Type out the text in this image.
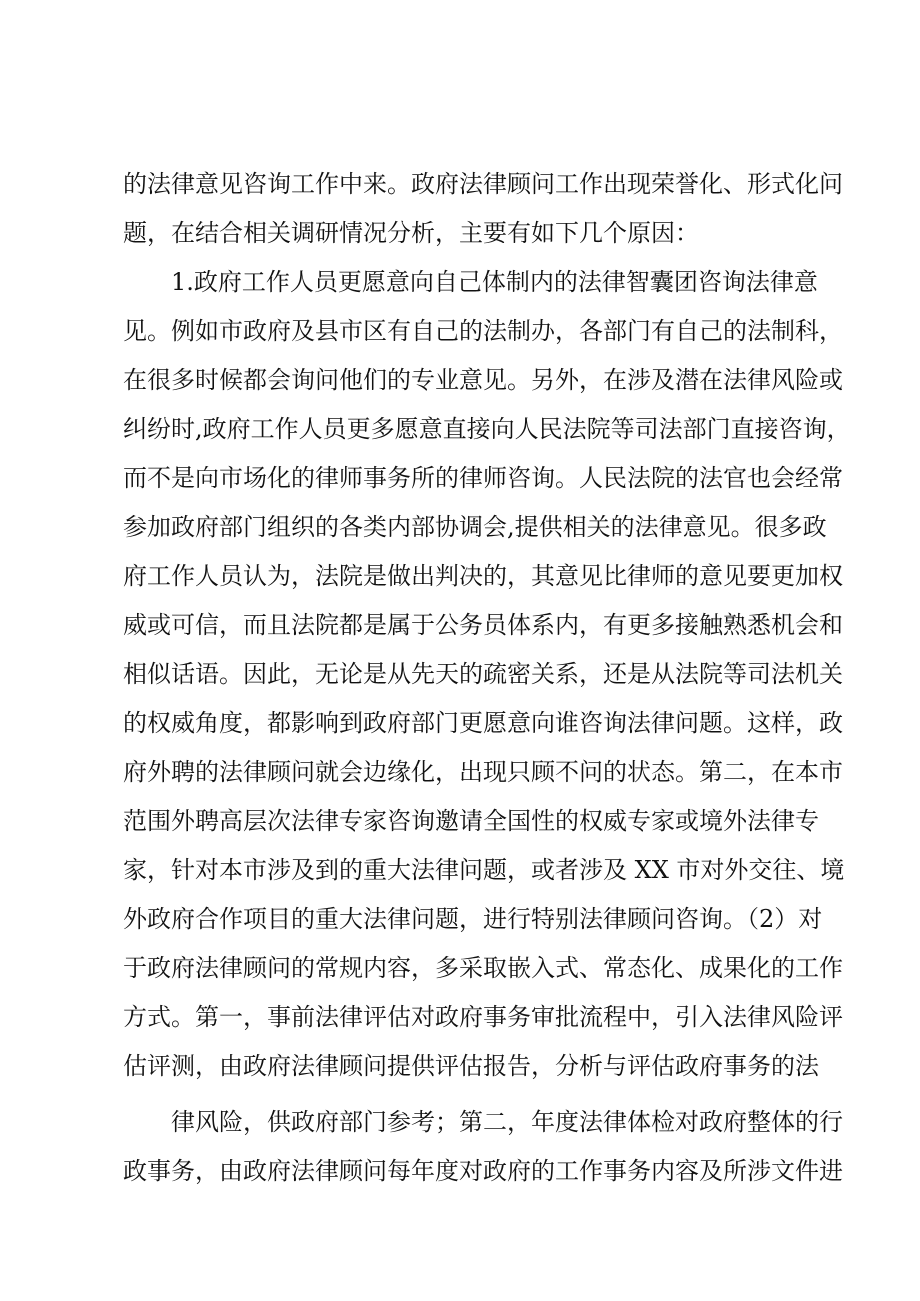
的法律意见咨询工作中来。政府法律顾问工作出现荣誉化、形式化问
题，在结合相关调研情况分析，主要有如下几个原因：
1.政府工作人员更愿意向自己体制内的法律智囊团咨询法律意
见。例如市政府及县市区有自己的法制办，各部门有自己的法制科，
在很多时候都会询问他们的专业意见。另外，在涉及潜在法律风险或
纠纷时,政府工作人员更多愿意直接向人民法院等司法部门直接咨询，
而不是向市场化的律师事务所的律师咨询。人民法院的法官也会经常
参加政府部门组织的各类内部协调会,提供相关的法律意见。很多政
府工作人员认为，法院是做出判决的，其意见比律师的意见要更加权
威或可信，而且法院都是属于公务员体系内，有更多接触熟悉机会和
相似话语。因此，无论是从先天的疏密关系，还是从法院等司法机关
的权威角度，都影响到政府部门更愿意向谁咨询法律问题。这样，政
府外聘的法律顾问就会边缘化，出现只顾不问的状态。第二，在本市
范围外聘高层次法律专家咨询邀请全国性的权威专家或境外法律专
家，针对本市涉及到的重大法律问题，或者涉及 XX 市对外交往、境
外政府合作项目的重大法律问题，进行特别法律顾问咨询。（2）对
于政府法律顾问的常规内容，多采取嵌入式、常态化、成果化的工作
方式。第一，事前法律评估对政府事务审批流程中，引入法律风险评
估评测，由政府法律顾问提供评估报告，分析与评估政府事务的法
律风险，供政府部门参考；第二，年度法律体检对政府整体的行
政事务，由政府法律顾问每年度对政府的工作事务内容及所涉文件进
